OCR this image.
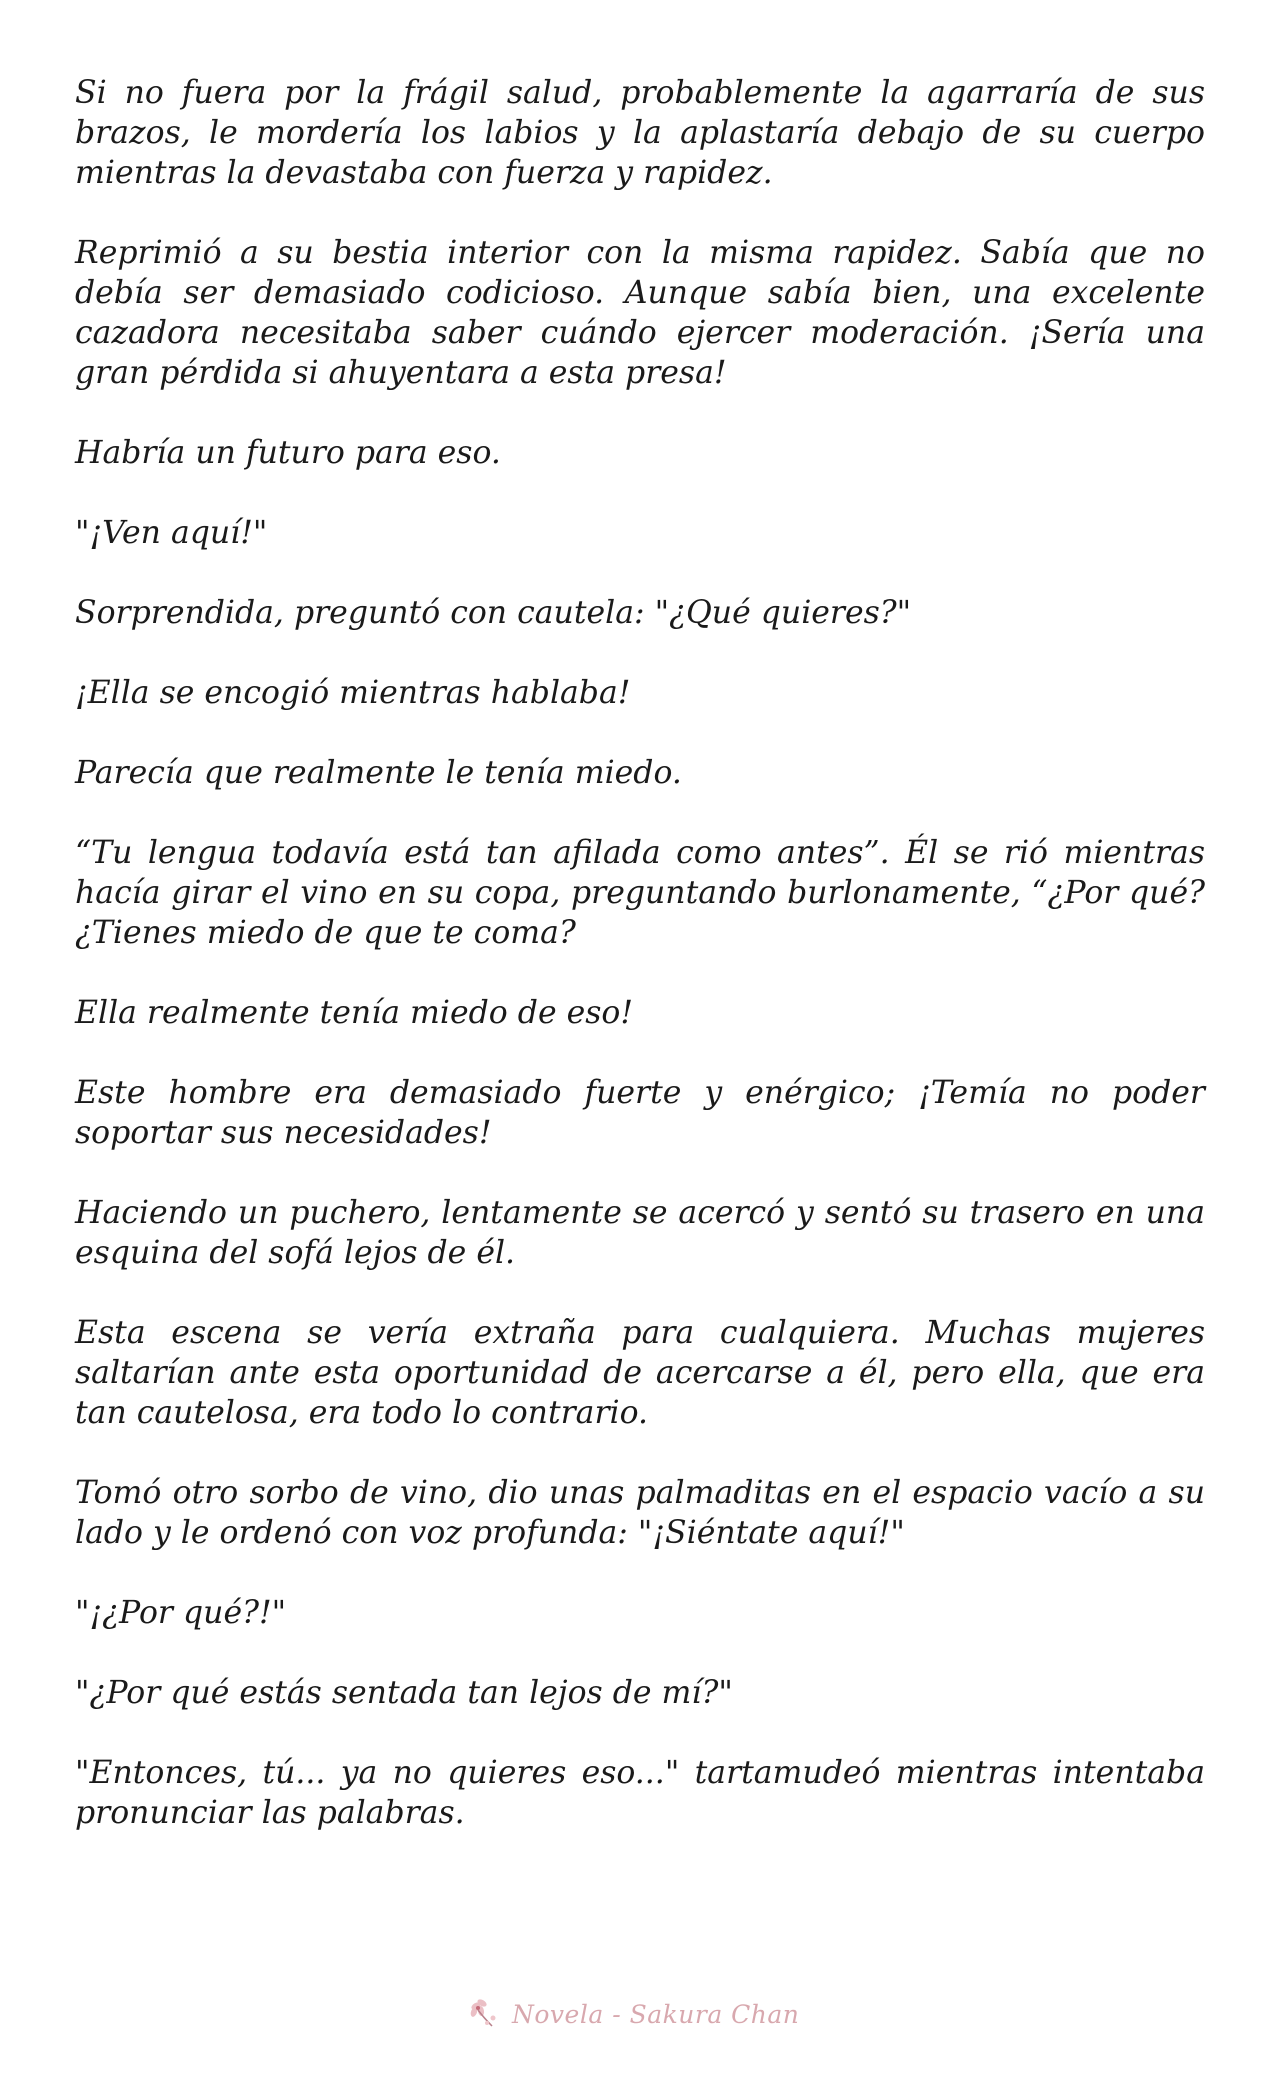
Si no fuera por la frágil salud, probablemente la agarraría de sus brazos, le mordería los labios y la aplastaría debajo de su cuerpo mientras la devastaba con fuerza y rapidez.

Reprimió a su bestia interior con la misma rapidez. Sabía que no debía ser demasiado codicioso. Aunque sabía bien, una excelente cazadora necesitaba saber cuándo ejercer moderación. ¡Sería una gran pérdida si ahuyentara a esta presa!

Habría un futuro para eso.

"¡Ven aquí!"

Sorprendida, preguntó con cautela: "¿Qué quieres?"

¡Ella se encogió mientras hablaba!

Parecía que realmente le tenía miedo.

“Tu lengua todavía está tan afilada como antes”. Él se rió mientras hacía girar el vino en su copa, preguntando burlonamente, “¿Por qué? ¿Tienes miedo de que te coma?

Ella realmente tenía miedo de eso!

Este hombre era demasiado fuerte y enérgico; ¡Temía no poder soportar sus necesidades!

Haciendo un puchero, lentamente se acercó y sentó su trasero en una esquina del sofá lejos de él.

Esta escena se vería extraña para cualquiera. Muchas mujeres saltarían ante esta oportunidad de acercarse a él, pero ella, que era tan cautelosa, era todo lo contrario.

Tomó otro sorbo de vino, dio unas palmaditas en el espacio vacío a su lado y le ordenó con voz profunda: "¡Siéntate aquí!"

"¡¿Por qué?!"

"¿Por qué estás sentada tan lejos de mí?"

"Entonces, tú... ya no quieres eso..." tartamudeó mientras intentaba pronunciar las palabras.

Novela - Sakura Chan
